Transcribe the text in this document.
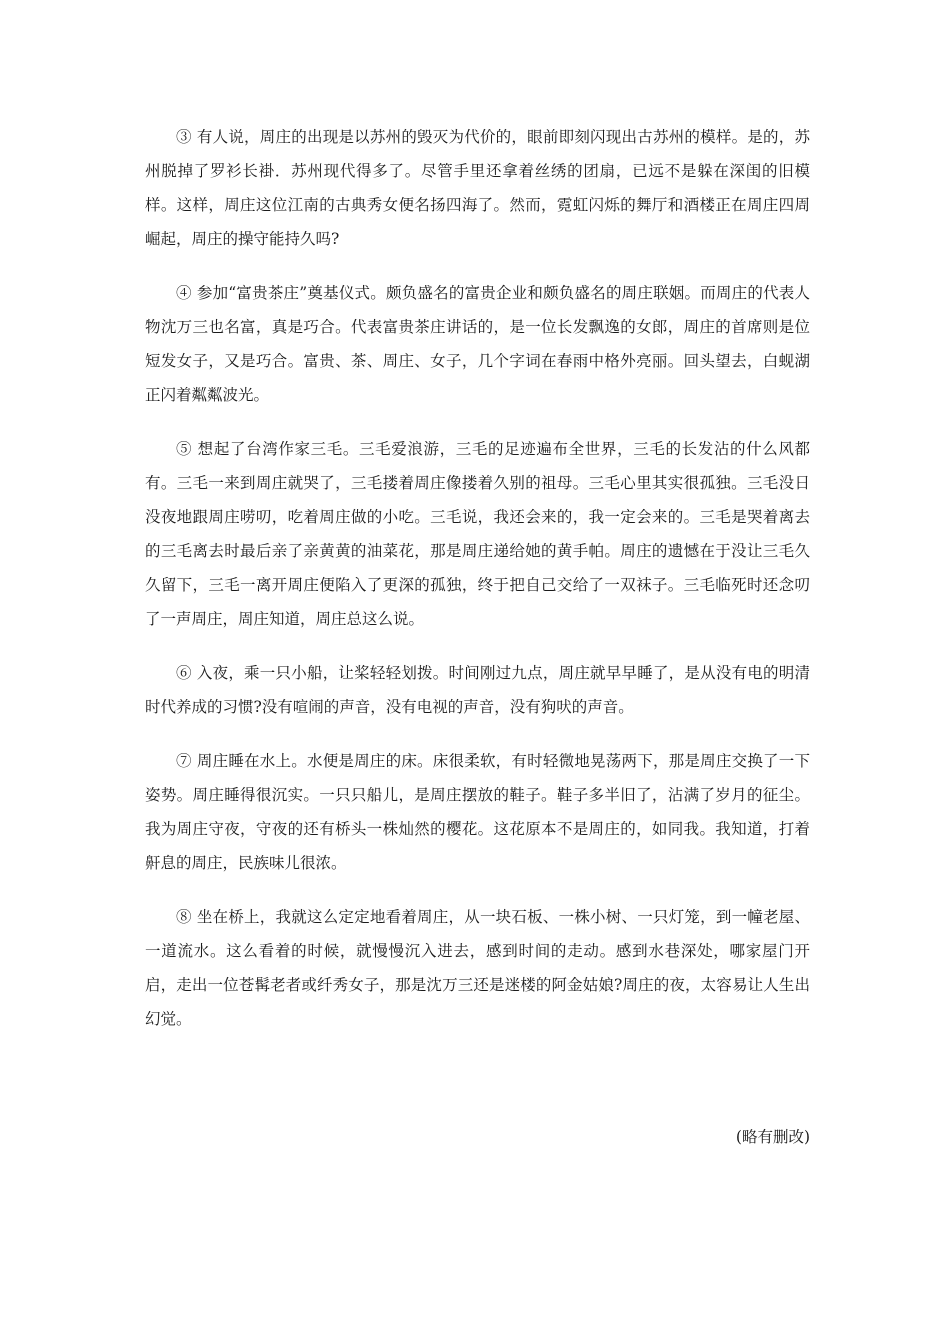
③ 有人说，周庄的出现是以苏州的毁灭为代价的，眼前即刻闪现出古苏州的模样。是的，苏州脱掉了罗衫长褂．苏州现代得多了。尽管手里还拿着丝绣的团扇，已远不是躲在深闺的旧模样。这样，周庄这位江南的古典秀女便名扬四海了。然而，霓虹闪烁的舞厅和酒楼正在周庄四周崛起，周庄的操守能持久吗?

④ 参加“富贵茶庄”奠基仪式。颇负盛名的富贵企业和颇负盛名的周庄联姻。而周庄的代表人物沈万三也名富，真是巧合。代表富贵茶庄讲话的，是一位长发飘逸的女郎，周庄的首席则是位短发女子，又是巧合。富贵、茶、周庄、女子，几个字词在春雨中格外亮丽。回头望去，白蚬湖正闪着粼粼波光。

⑤ 想起了台湾作家三毛。三毛爱浪游，三毛的足迹遍布全世界，三毛的长发沾的什么风都有。三毛一来到周庄就哭了，三毛搂着周庄像搂着久别的祖母。三毛心里其实很孤独。三毛没日没夜地跟周庄唠叨，吃着周庄做的小吃。三毛说，我还会来的，我一定会来的。三毛是哭着离去的三毛离去时最后亲了亲黄黄的油菜花，那是周庄递给她的黄手帕。周庄的遗憾在于没让三毛久久留下，三毛一离开周庄便陷入了更深的孤独，终于把自己交给了一双袜子。三毛临死时还念叨了一声周庄，周庄知道，周庄总这么说。

⑥ 入夜，乘一只小船，让桨轻轻划拨。时间刚过九点，周庄就早早睡了，是从没有电的明清时代养成的习惯?没有喧闹的声音，没有电视的声音，没有狗吠的声音。

⑦ 周庄睡在水上。水便是周庄的床。床很柔软，有时轻微地晃荡两下，那是周庄交换了一下姿势。周庄睡得很沉实。一只只船儿，是周庄摆放的鞋子。鞋子多半旧了，沾满了岁月的征尘。我为周庄守夜，守夜的还有桥头一株灿然的樱花。这花原本不是周庄的，如同我。我知道，打着鼾息的周庄，民族味儿很浓。

⑧ 坐在桥上，我就这么定定地看着周庄，从一块石板、一株小树、一只灯笼，到一幢老屋、一道流水。这么看着的时候，就慢慢沉入进去，感到时间的走动。感到水巷深处，哪家屋门开启，走出一位苍髯老者或纤秀女子，那是沈万三还是迷楼的阿金姑娘?周庄的夜，太容易让人生出幻觉。

(略有删改)
